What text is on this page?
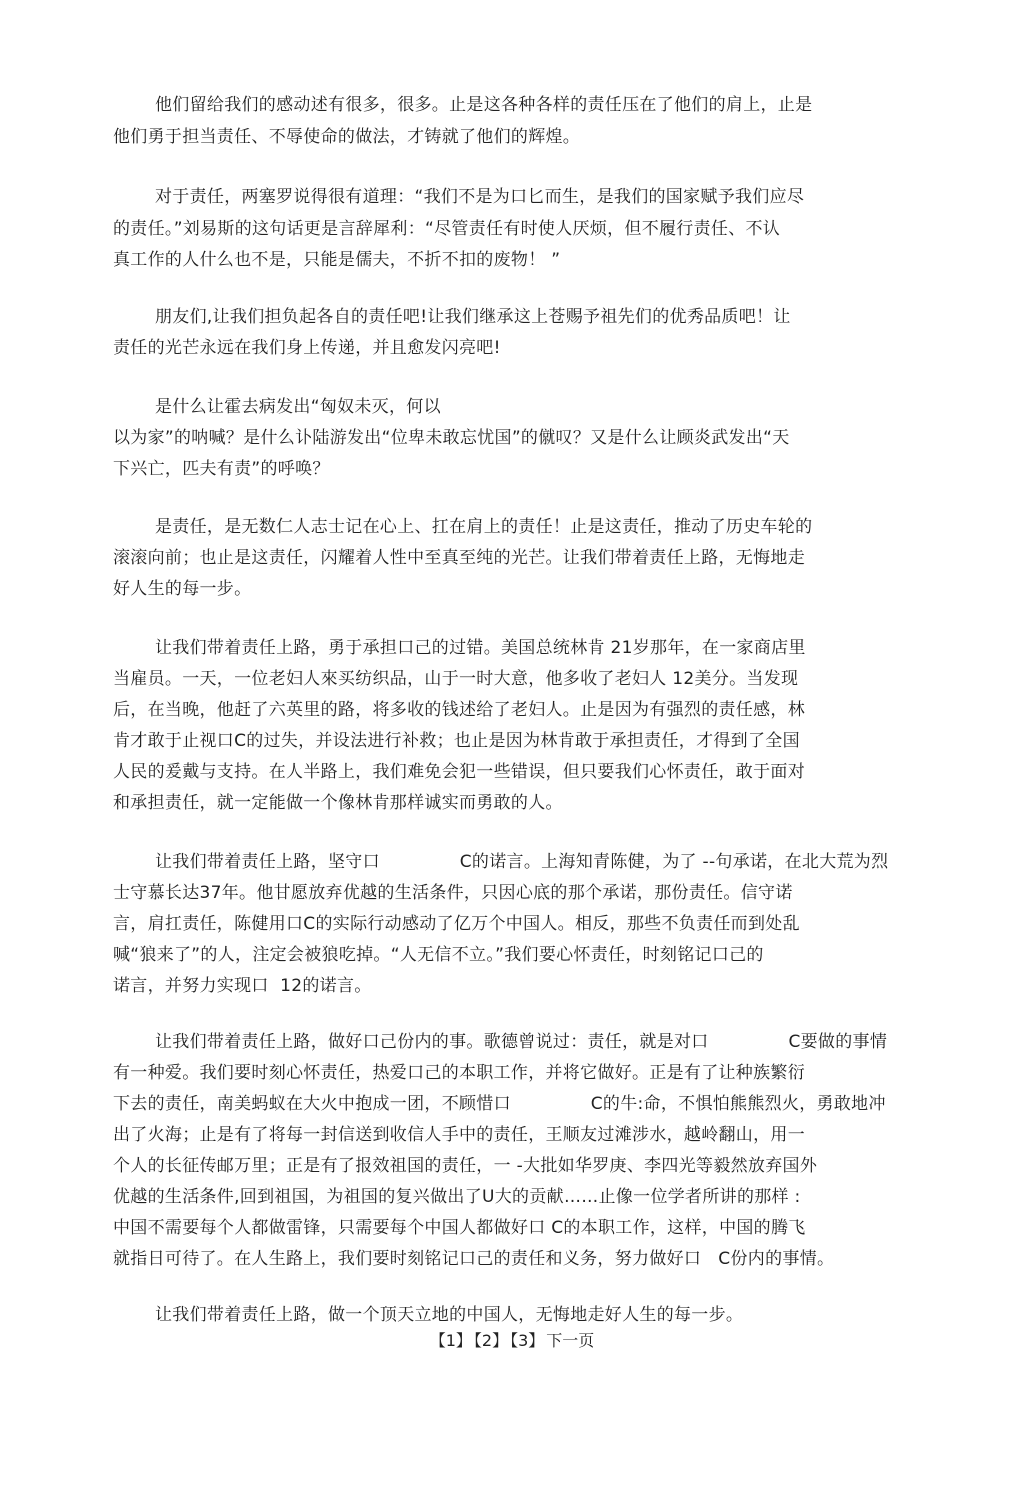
他们留给我们的感动述有很多，很多。止是这各种各样的责任压在了他们的肩上，止是
他们勇于担当责任、不辱使命的做法，才铸就了他们的辉煌。
对于责任，两塞罗说得很有道理：“我们不是为口匕而生，是我们的国家赋予我们应尽
的责任。”刘易斯的这句话更是言辞犀利：“尽管责任有时使人厌烦，但不履行责任、不认
真工作的人什么也不是，只能是儒夫，不折不扣的废物！ ”
朋友们,让我们担负起各自的责任吧!让我们继承这上苍赐予祖先们的优秀品质吧！让
责任的光芒永远在我们身上传递，并且愈发闪亮吧!
是什么让霍去病发出“匈奴未灭，何以
以为家”的呐喊？是什么讣陆游发出“位卑未敢忘忧国”的僦叹？又是什么让顾炎武发出“天
下兴亡，匹夫有责”的呼唤？
是责任，是无数仁人志士记在心上、扛在肩上的责任！止是这责任，推动了历史车轮的
滚滚向前；也止是这责任，闪耀着人性中至真至纯的光芒。让我们带着责任上路，无悔地走
好人生的每一步。
让我们带着责任上路，勇于承担口己的过错。美国总统林肯 21岁那年，在一家商店里
当雇员。一天，一位老妇人來买纺织品，山于一时大意，他多收了老妇人 12美分。当发现
后，在当晚，他赶了六英里的路，将多收的钱述给了老妇人。止是因为有强烈的责任感，林
肯才敢于止视口C的过失，并设法进行补救；也止是因为林肯敢于承担责任，才得到了全国
人民的爰戴与支持。在人半路上，我们难免会犯一些错误，但只要我们心怀责任，敢于面对
和承担责任，就一定能做一个像林肯那样诚实而勇敢的人。
让我们带着责任上路，坚守口              C的诺言。上海知青陈健，为了 --句承诺，在北大荒为烈
士守慕长达37年。他甘愿放弃优越的生活条件，只因心底的那个承诺，那份责任。信守诺
言，肩扛责任，陈健用口C的实际行动感动了亿万个中国人。相反，那些不负责任而到处乱
喊“狼来了”的人，注定会被狼吃掉。“人无信不立。”我们要心怀责任，时刻铭记口己的
诺言，并努力实现口  12的诺言。
让我们带着责任上路，做好口己份内的事。歌德曾说过：责任，就是对口              C要做的事情
有一种爱。我们要时刻心怀责任，热爱口己的本职工作，并将它做好。正是有了让种族繁衍
下去的责任，南美蚂蚁在大火中抱成一团，不顾惜口              C的牛:命，不惧怕熊熊烈火，勇敢地冲
出了火海；止是有了将每一封信送到收信人手中的责任，王顺友过滩涉水，越岭翻山，用一
个人的长征传邮万里；正是有了报效祖国的责任，一 -大批如华罗庚、李四光等毅然放弃国外
优越的生活条件,回到祖国，为祖国的复兴做出了U大的贡献……止像一位学者所讲的那样 :
中国不需要每个人都做雷锋，只需要每个中国人都做好口 C的本职工作，这样，中国的腾飞
就指日可待了。在人生路上，我们要时刻铭记口己的责任和义务，努力做好口   C份内的事情。
让我们带着责任上路，做一个顶天立地的中国人，无悔地走好人生的每一步。
【1】 【2】 【3】 下一页
